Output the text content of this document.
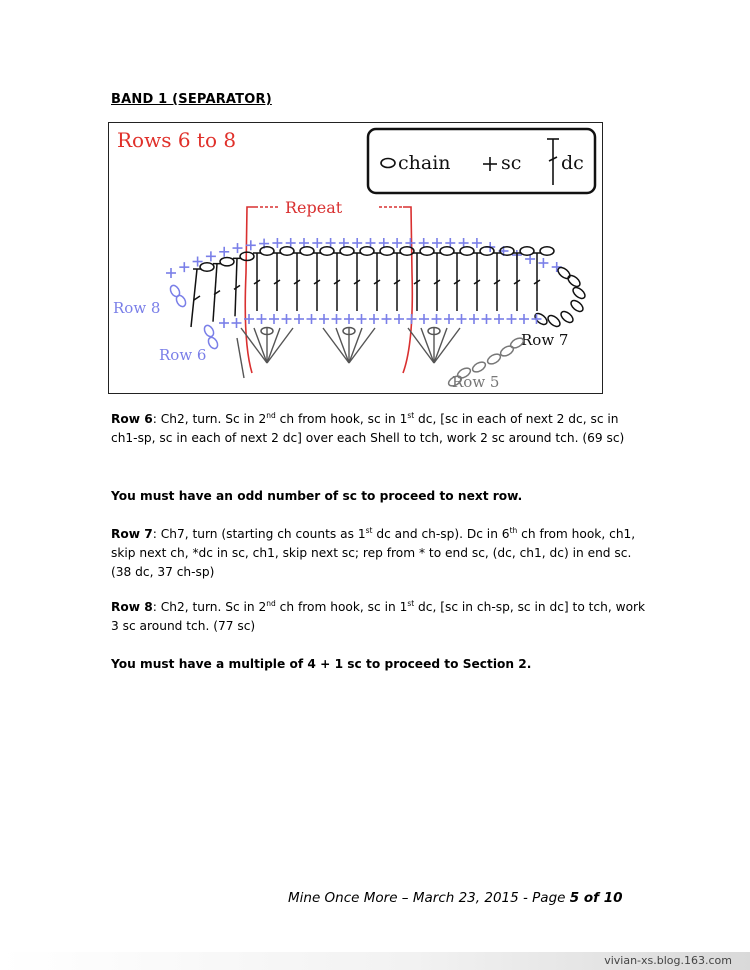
BAND 1 (SEPARATOR)
Rows 6 to 8
chain	sc dc
Repeat
Row 8
Row 6
Row 7
Row 5
Row 6: Ch2, turn. Sc in 2nd ch from hook, sc in 1st dc, [sc in each of next 2 dc, sc in ch1-sp, sc in each of next 2 dc] over each Shell to tch, work 2 sc around tch. (69 sc)
You must have an odd number of sc to proceed to next row.
Row 7: Ch7, turn (starting ch counts as 1st dc and ch-sp). Dc in 6th ch from hook, ch1, skip next ch, *dc in sc, ch1, skip next sc; rep from * to end sc, (dc, ch1, dc) in end sc. (38 dc, 37 ch-sp)
Row 8: Ch2, turn. Sc in 2nd ch from hook, sc in 1st dc, [sc in ch-sp, sc in dc] to tch, work 3 sc around tch. (77 sc)
You must have a multiple of 4 + 1 sc to proceed to Section 2.
Mine Once More – March 23, 2015 - Page 5 of 10
vivian-xs.blog.163.com
